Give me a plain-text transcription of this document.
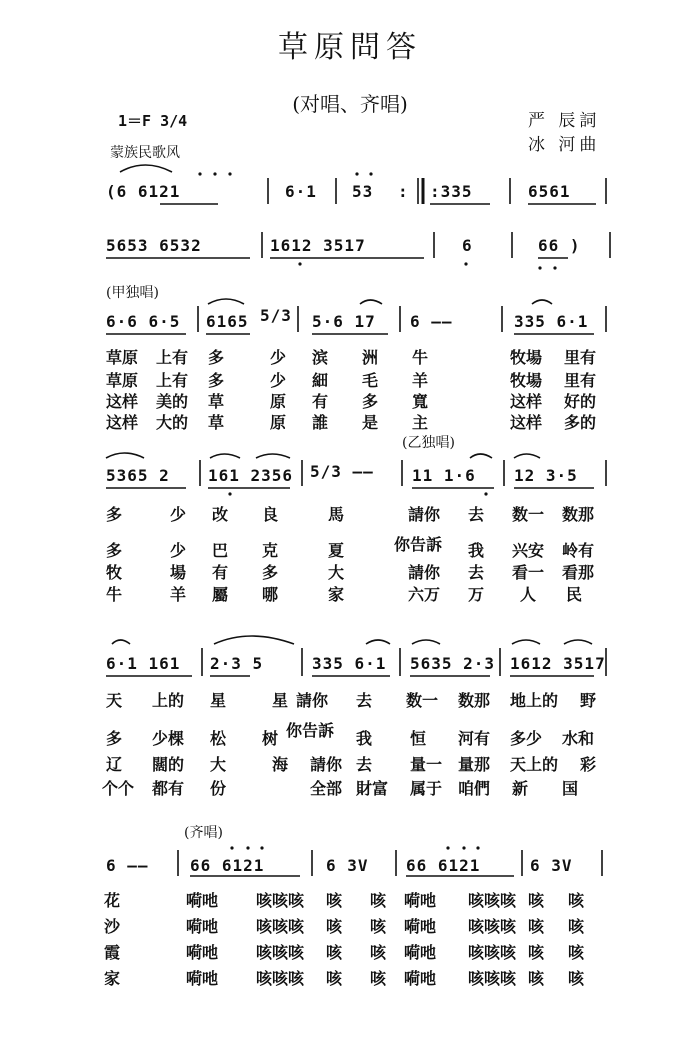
草原問答
(对唱、齐唱)
严 辰詞
冰 河曲
1＝F 3/4
蒙族民歌风
(6 6121	6·1 53 : :335	6561
5653 6532	1612 3517	6	66 )
(甲独唱)
6·6 6·5 6165 5/3 5·6 17 6 ——	335 6·1
草原 上有 多	少 滨 洲 牛	牧場 里有
草原 上有 多	少 細 毛 羊	牧場 里有
这样 美的 草	原 有 多 寬	这样 好的
这样 大的 草	原 誰 是 主	这样 多的
(乙独唱)
5365 2 161 2356 5/3 —— 11 1·6 12 3·5
多	少 改 良	馬	請你 去 数一 数那
多	少 巴 克	夏	你告訴 我 兴安 岭有
牧	場 有 多	大	請你 去 看一 看那
牛	羊 屬 哪	家	六万 万 人 民
6·1 161 2·3 5	335 6·1 5635 2·3 1612 3517
天 上的 星	星 請你 去 数一 数那 地上的 野
多 少棵 松 树 你告訴 我 恒 河有 多少 水和
辽 闊的 大	海 請你 去 量一 量那 天上的 彩
个个 都有 份	全部 財富 属于 咱們 新 国
(齐唱)
6 ——	66 6121	6 3V 66 6121	6 3V
花	嗬吔 咳咳咳 咳 咳 嗬吔 咳咳咳 咳 咳
沙	嗬吔 咳咳咳 咳 咳 嗬吔 咳咳咳 咳 咳
霞	嗬吔 咳咳咳 咳 咳 嗬吔 咳咳咳 咳 咳
家	嗬吔 咳咳咳 咳 咳 嗬吔 咳咳咳 咳 咳
